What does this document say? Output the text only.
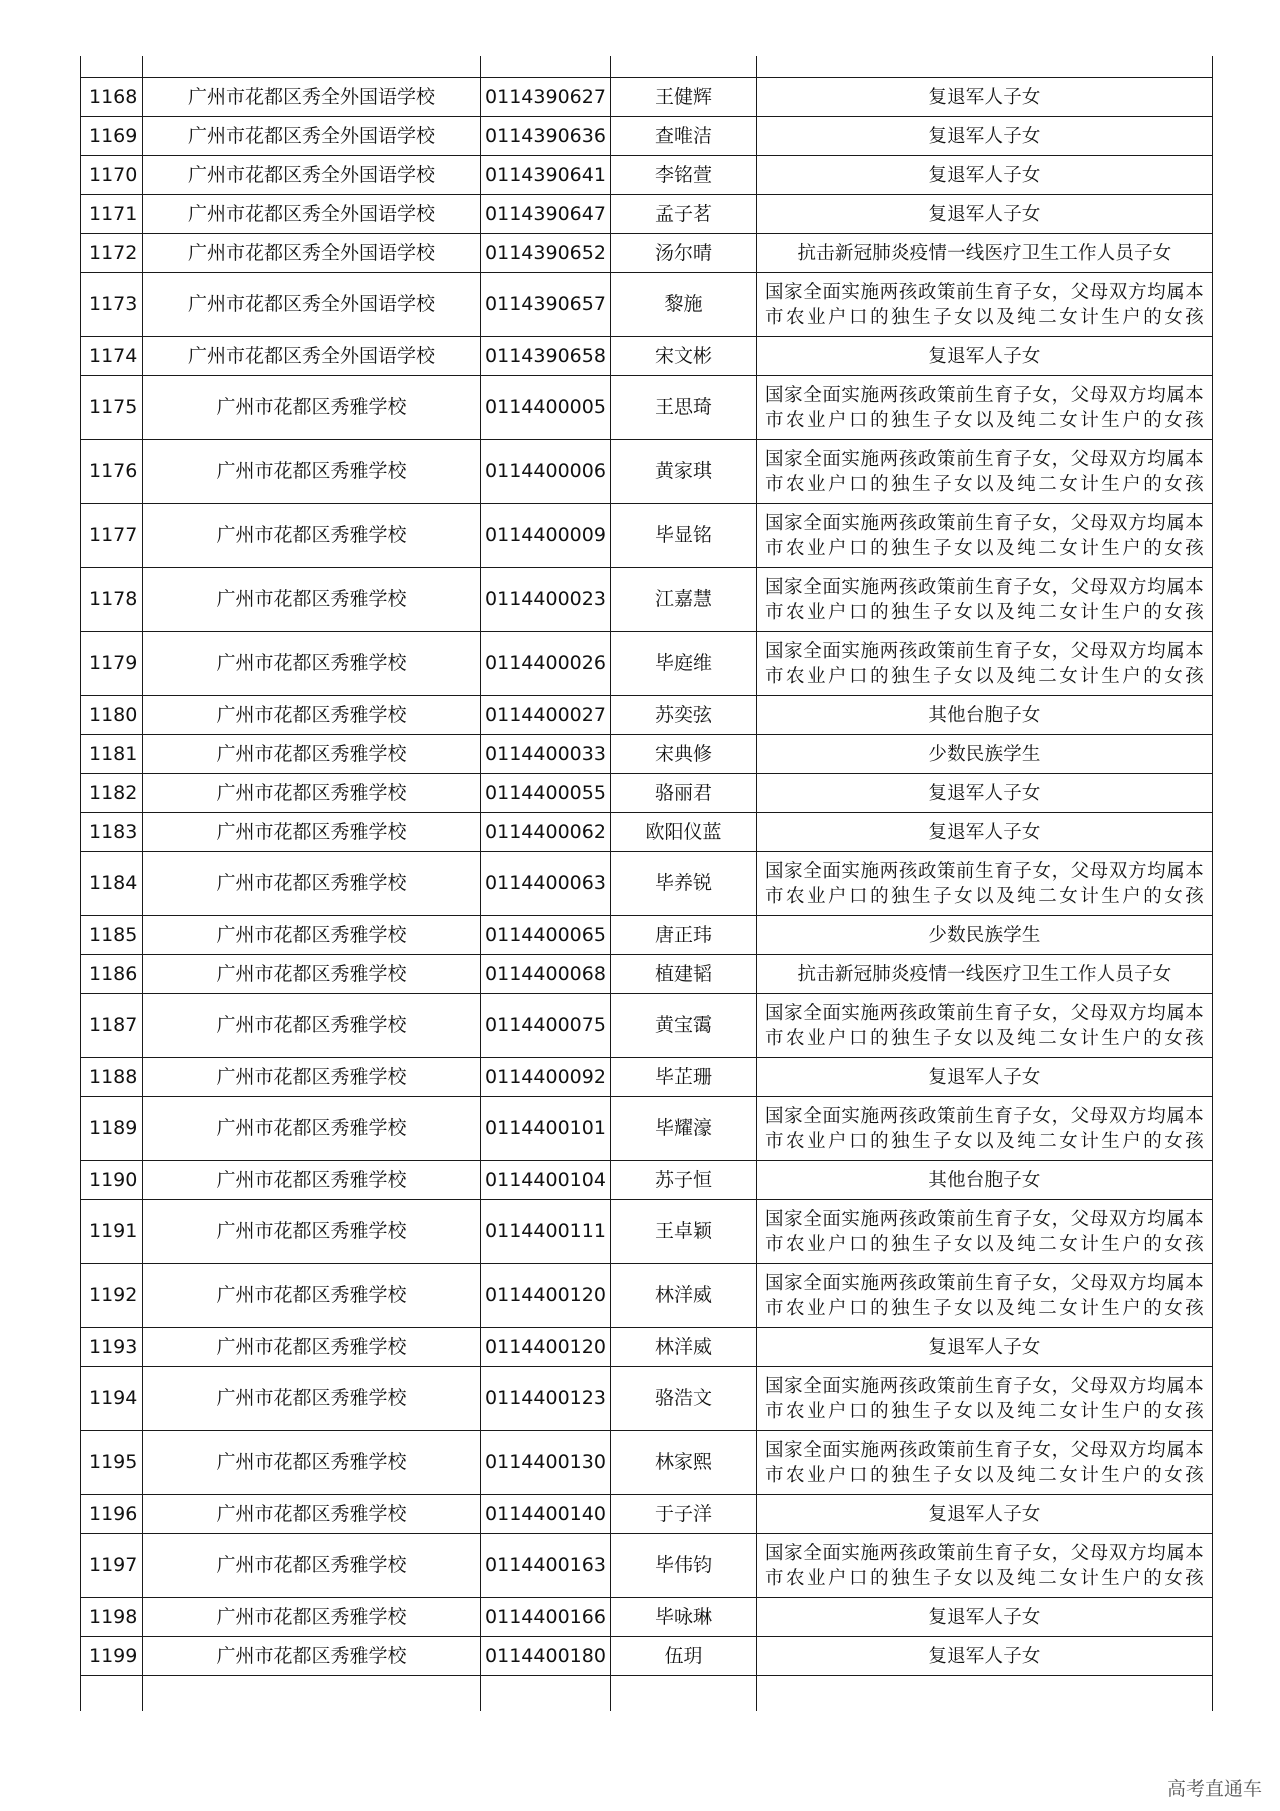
1168	广州市花都区秀全外国语学校	0114390627	王健辉	复退军人子女
1169	广州市花都区秀全外国语学校	0114390636	查唯洁	复退军人子女
1170	广州市花都区秀全外国语学校	0114390641	李铭萱	复退军人子女
1171	广州市花都区秀全外国语学校	0114390647	孟子茗	复退军人子女
1172	广州市花都区秀全外国语学校	0114390652	汤尔晴	抗击新冠肺炎疫情一线医疗卫生工作人员子女
1173	广州市花都区秀全外国语学校	0114390657	黎施	国家全面实施两孩政策前生育子女，父母双方均属本市农业户口的独生子女以及纯二女计生户的女孩
1174	广州市花都区秀全外国语学校	0114390658	宋文彬	复退军人子女
1175	广州市花都区秀雅学校	0114400005	王思琦	国家全面实施两孩政策前生育子女，父母双方均属本市农业户口的独生子女以及纯二女计生户的女孩
1176	广州市花都区秀雅学校	0114400006	黄家琪	国家全面实施两孩政策前生育子女，父母双方均属本市农业户口的独生子女以及纯二女计生户的女孩
1177	广州市花都区秀雅学校	0114400009	毕显铭	国家全面实施两孩政策前生育子女，父母双方均属本市农业户口的独生子女以及纯二女计生户的女孩
1178	广州市花都区秀雅学校	0114400023	江嘉慧	国家全面实施两孩政策前生育子女，父母双方均属本市农业户口的独生子女以及纯二女计生户的女孩
1179	广州市花都区秀雅学校	0114400026	毕庭维	国家全面实施两孩政策前生育子女，父母双方均属本市农业户口的独生子女以及纯二女计生户的女孩
1180	广州市花都区秀雅学校	0114400027	苏奕弦	其他台胞子女
1181	广州市花都区秀雅学校	0114400033	宋典修	少数民族学生
1182	广州市花都区秀雅学校	0114400055	骆丽君	复退军人子女
1183	广州市花都区秀雅学校	0114400062	欧阳仪蓝	复退军人子女
1184	广州市花都区秀雅学校	0114400063	毕养锐	国家全面实施两孩政策前生育子女，父母双方均属本市农业户口的独生子女以及纯二女计生户的女孩
1185	广州市花都区秀雅学校	0114400065	唐正玮	少数民族学生
1186	广州市花都区秀雅学校	0114400068	植建韬	抗击新冠肺炎疫情一线医疗卫生工作人员子女
1187	广州市花都区秀雅学校	0114400075	黄宝霭	国家全面实施两孩政策前生育子女，父母双方均属本市农业户口的独生子女以及纯二女计生户的女孩
1188	广州市花都区秀雅学校	0114400092	毕芷珊	复退军人子女
1189	广州市花都区秀雅学校	0114400101	毕耀濠	国家全面实施两孩政策前生育子女，父母双方均属本市农业户口的独生子女以及纯二女计生户的女孩
1190	广州市花都区秀雅学校	0114400104	苏子恒	其他台胞子女
1191	广州市花都区秀雅学校	0114400111	王卓颖	国家全面实施两孩政策前生育子女，父母双方均属本市农业户口的独生子女以及纯二女计生户的女孩
1192	广州市花都区秀雅学校	0114400120	林洋威	国家全面实施两孩政策前生育子女，父母双方均属本市农业户口的独生子女以及纯二女计生户的女孩
1193	广州市花都区秀雅学校	0114400120	林洋威	复退军人子女
1194	广州市花都区秀雅学校	0114400123	骆浩文	国家全面实施两孩政策前生育子女，父母双方均属本市农业户口的独生子女以及纯二女计生户的女孩
1195	广州市花都区秀雅学校	0114400130	林家熙	国家全面实施两孩政策前生育子女，父母双方均属本市农业户口的独生子女以及纯二女计生户的女孩
1196	广州市花都区秀雅学校	0114400140	于子洋	复退军人子女
1197	广州市花都区秀雅学校	0114400163	毕伟钧	国家全面实施两孩政策前生育子女，父母双方均属本市农业户口的独生子女以及纯二女计生户的女孩
1198	广州市花都区秀雅学校	0114400166	毕咏琳	复退军人子女
1199	广州市花都区秀雅学校	0114400180	伍玥	复退军人子女

高考直通车
